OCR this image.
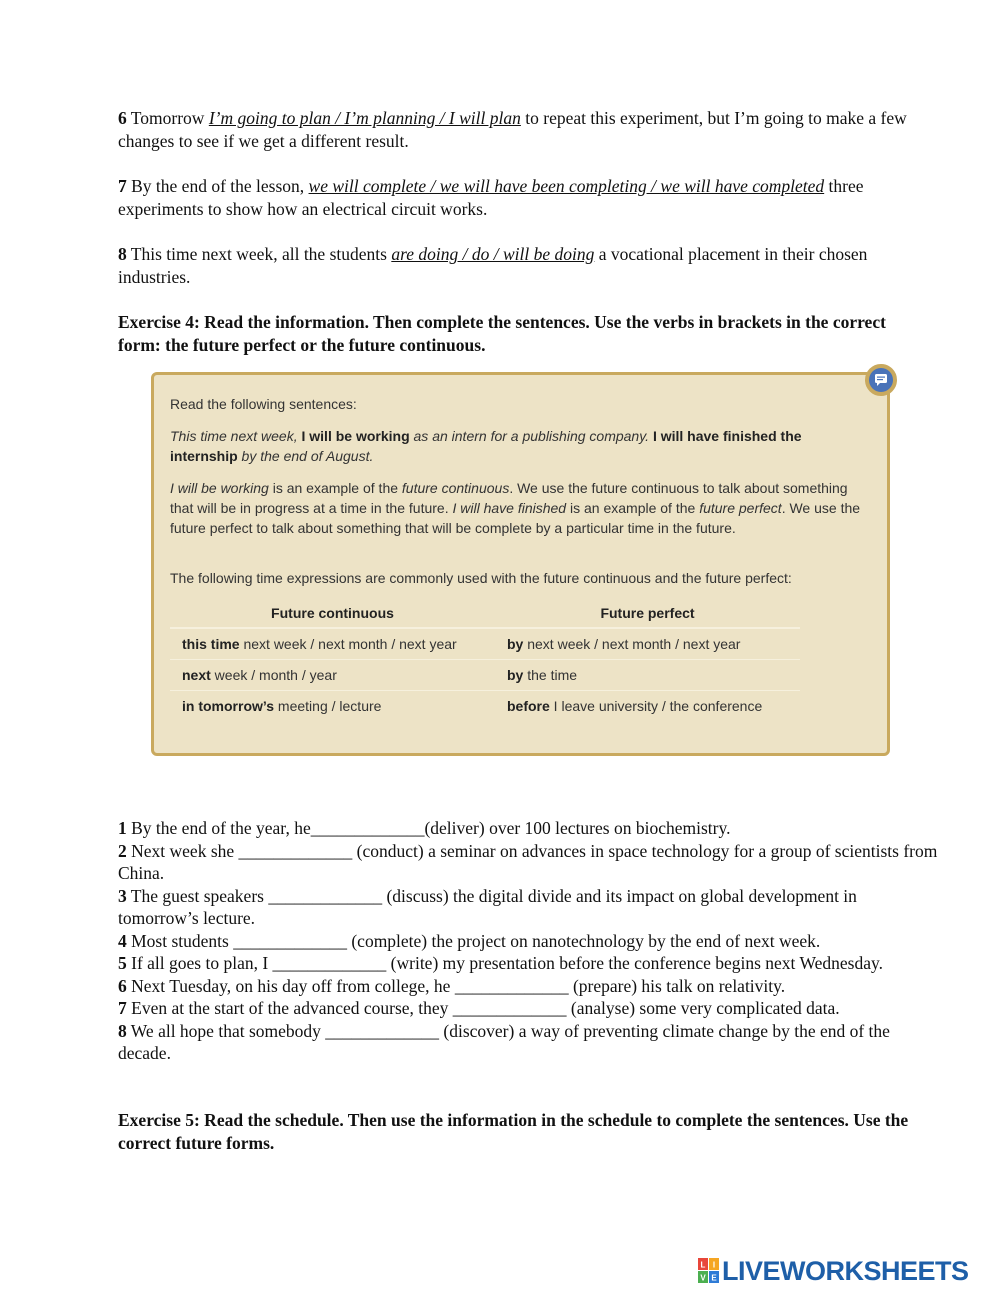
6 Tomorrow I’m going to plan / I’m planning / I will plan to repeat this experiment, but I’m going to make a few changes to see if we get a different result.
7 By the end of the lesson, we will complete / we will have been completing / we will have completed three experiments to show how an electrical circuit works.
8 This time next week, all the students are doing / do / will be doing a vocational placement in their chosen industries.
Exercise 4: Read the information. Then complete the sentences. Use the verbs in brackets in the correct form: the future perfect or the future continuous.

Read the following sentences:

This time next week, I will be working as an intern for a publishing company. I will have finished the internship by the end of August.

I will be working is an example of the future continuous. We use the future continuous to talk about something that will be in progress at a time in the future. I will have finished is an example of the future perfect. We use the future perfect to talk about something that will be complete by a particular time in the future.

The following time expressions are commonly used with the future continuous and the future perfect:

Future continuous	Future perfect
this time next week / next month / next year	by next week / next month / next year
next week / month / year	by the time
in tomorrow’s meeting / lecture	before I leave university / the conference
1 By the end of the year, he_____________(deliver) over 100 lectures on biochemistry.
2 Next week she _____________ (conduct) a seminar on advances in space technology for a group of scientists from China.
3 The guest speakers _____________ (discuss) the digital divide and its impact on global development in tomorrow’s lecture.
4 Most students _____________ (complete) the project on nanotechnology by the end of next week.
5 If all goes to plan, I _____________ (write) my presentation before the conference begins next Wednesday.
6 Next Tuesday, on his day off from college, he _____________ (prepare) his talk on relativity.
7 Even at the start of the advanced course, they _____________ (analyse) some very complicated data.
8 We all hope that somebody _____________ (discover) a way of preventing climate change by the end of the decade.
Exercise 5: Read the schedule. Then use the information in the schedule to complete the sentences. Use the correct future forms.
L I
V E LIVEWORKSHEETS
